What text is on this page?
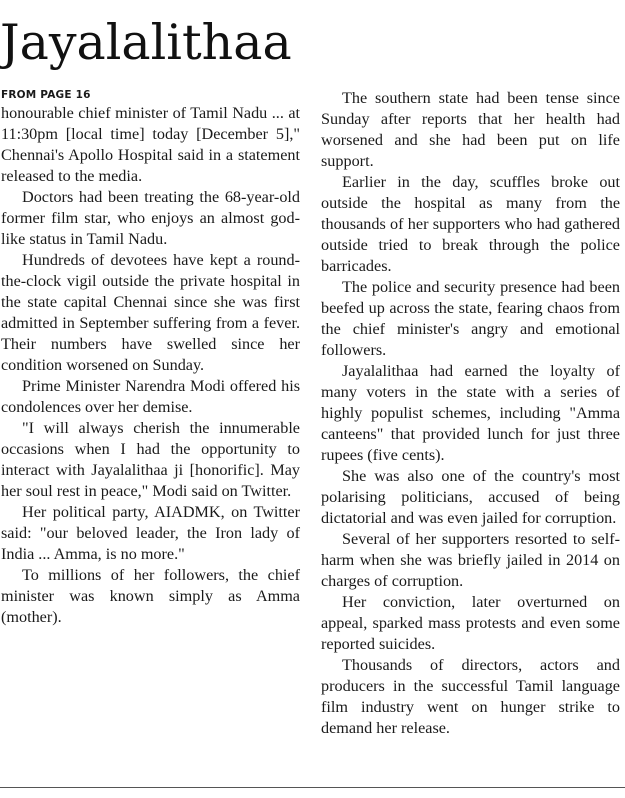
Jayalalithaa
FROM PAGE 16

honourable chief minister of Tamil Nadu ... at 11:30pm [local time] today [December 5]," Chennai's Apollo Hospital said in a statement released to the media.

Doctors had been treating the 68-year-old former film star, who enjoys an almost god-like status in Tamil Nadu.

Hundreds of devotees have kept a round-the-clock vigil outside the private hospital in the state capital Chennai since she was first admitted in September suffering from a fever. Their numbers have swelled since her condition worsened on Sunday.

Prime Minister Narendra Modi offered his condolences over her demise.

"I will always cherish the innumerable occasions when I had the opportunity to interact with Jayalalithaa ji [honorific]. May her soul rest in peace," Modi said on Twitter.

Her political party, AIADMK, on Twitter said: "our beloved leader, the Iron lady of India ... Amma, is no more."

To millions of her followers, the chief minister was known simply as Amma (mother).

The southern state had been tense since Sunday after reports that her health had worsened and she had been put on life support.

Earlier in the day, scuffles broke out outside the hospital as many from the thousands of her supporters who had gathered outside tried to break through the police barricades.

The police and security presence had been beefed up across the state, fearing chaos from the chief minister's angry and emotional followers.

Jayalalithaa had earned the loyalty of many voters in the state with a series of highly populist schemes, including "Amma canteens" that provided lunch for just three rupees (five cents).

She was also one of the country's most polarising politicians, accused of being dictatorial and was even jailed for corruption.

Several of her supporters resorted to self-harm when she was briefly jailed in 2014 on charges of corruption.

Her conviction, later overturned on appeal, sparked mass protests and even some reported suicides.

Thousands of directors, actors and producers in the successful Tamil language film industry went on hunger strike to demand her release.
